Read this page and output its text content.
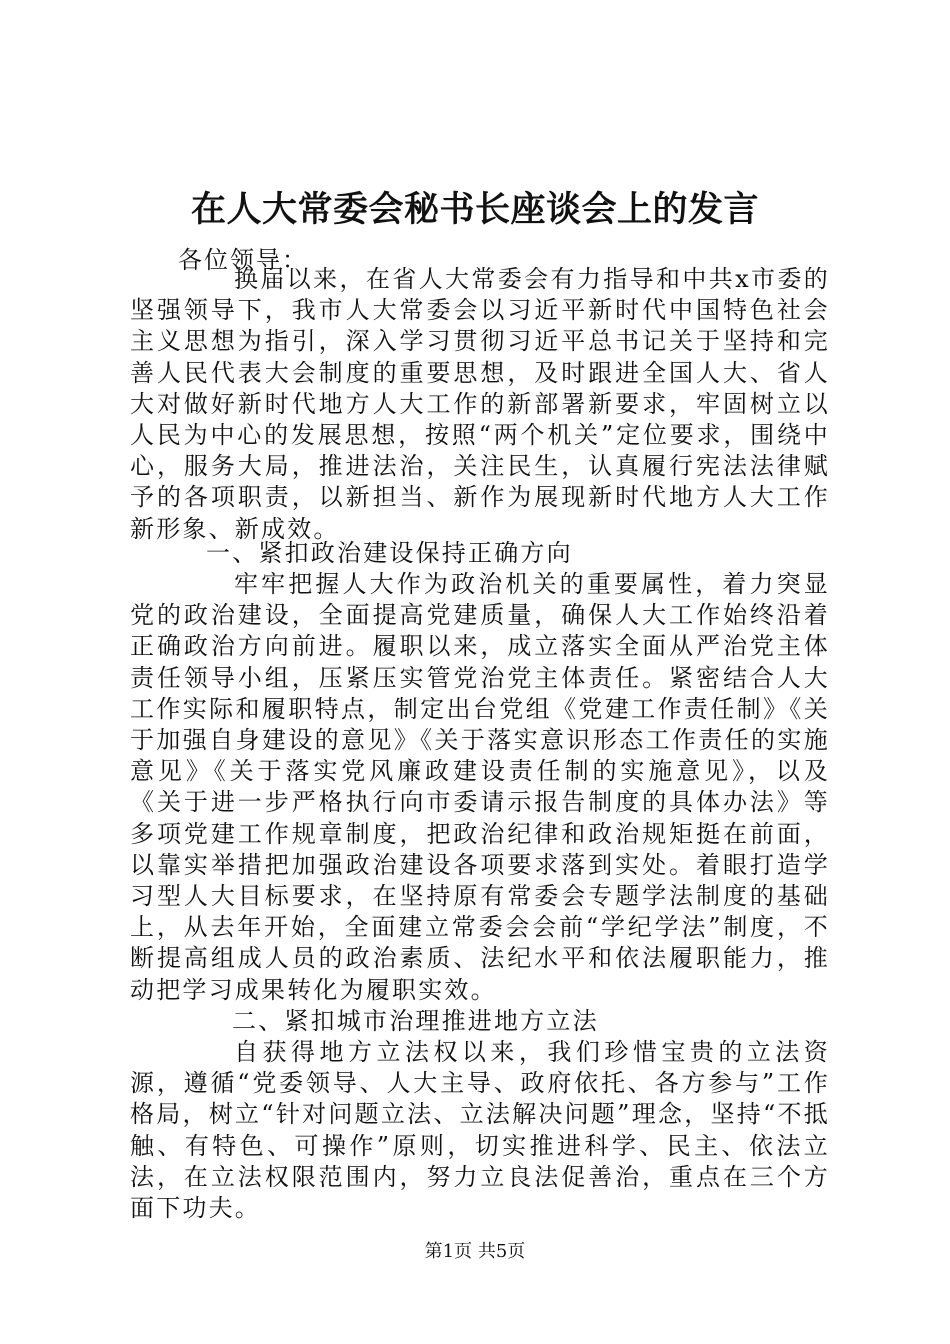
在人大常委会秘书长座谈会上的发言
各位领导：

换届以来，在省人大常委会有力指导和中共x市委的坚强领导下，我市人大常委会以习近平新时代中国特色社会主义思想为指引，深入学习贯彻习近平总书记关于坚持和完善人民代表大会制度的重要思想，及时跟进全国人大、省人大对做好新时代地方人大工作的新部署新要求，牢固树立以人民为中心的发展思想，按照“两个机关”定位要求，围绕中心，服务大局，推进法治，关注民生，认真履行宪法法律赋予的各项职责，以新担当、新作为展现新时代地方人大工作新形象、新成效。

一、紧扣政治建设保持正确方向

牢牢把握人大作为政治机关的重要属性，着力突显党的政治建设，全面提高党建质量，确保人大工作始终沿着正确政治方向前进。履职以来，成立落实全面从严治党主体责任领导小组，压紧压实管党治党主体责任。紧密结合人大工作实际和履职特点，制定出台党组《党建工作责任制》《关于加强自身建设的意见》《关于落实意识形态工作责任的实施意见》《关于落实党风廉政建设责任制的实施意见》，以及《关于进一步严格执行向市委请示报告制度的具体办法》等多项党建工作规章制度，把政治纪律和政治规矩挺在前面，以靠实举措把加强政治建设各项要求落到实处。着眼打造学习型人大目标要求，在坚持原有常委会专题学法制度的基础上，从去年开始，全面建立常委会会前“学纪学法”制度，不断提高组成人员的政治素质、法纪水平和依法履职能力，推动把学习成果转化为履职实效。

二、紧扣城市治理推进地方立法

自获得地方立法权以来，我们珍惜宝贵的立法资源，遵循“党委领导、人大主导、政府依托、各方参与”工作格局，树立“针对问题立法、立法解决问题”理念，坚持“不抵触、有特色、可操作”原则，切实推进科学、民主、依法立法，在立法权限范围内，努力立良法促善治，重点在三个方面下功夫。

第1页 共5页
